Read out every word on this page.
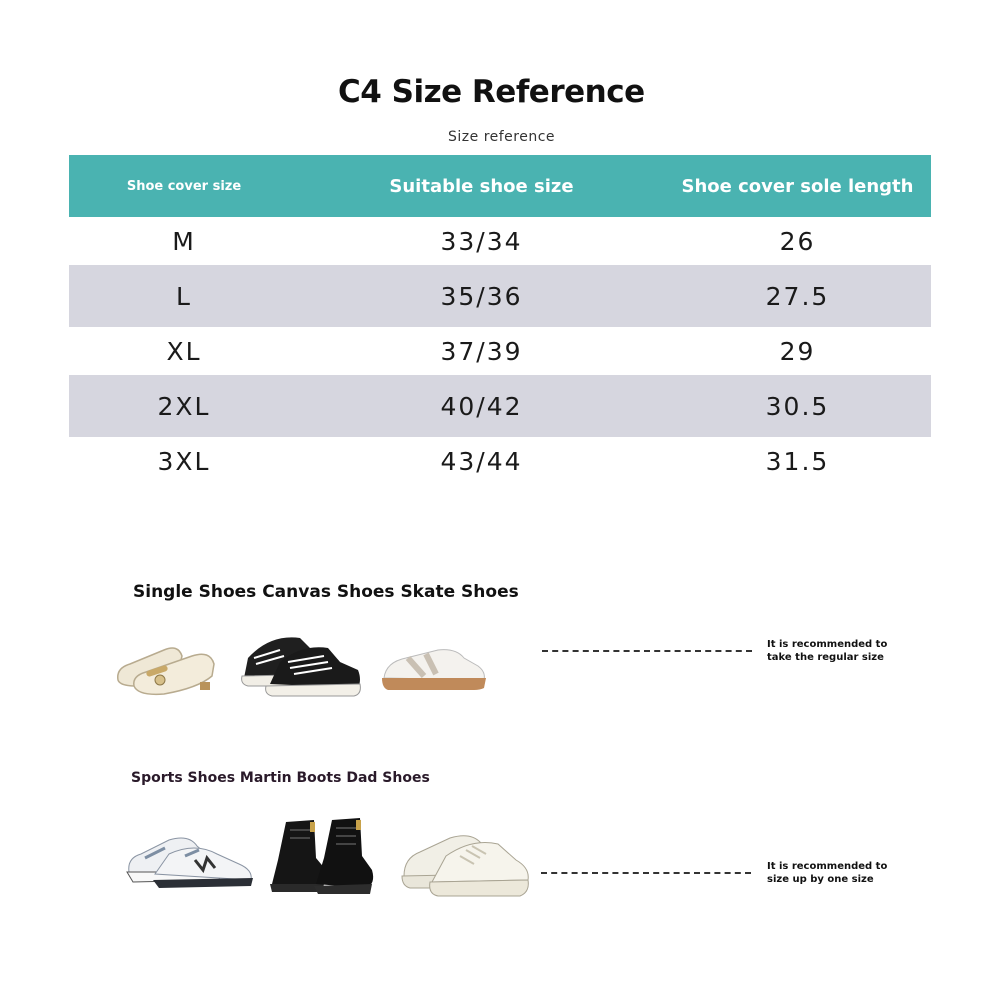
C4 Size Reference
Size reference
Shoe cover size	Suitable shoe size	Shoe cover sole length
M	33/34	26
L	35/36	27.5
XL	37/39	29
2XL	40/42	30.5
3XL	43/44	31.5
Single Shoes Canvas Shoes Skate Shoes
It is recommended to
take the regular size
Sports Shoes Martin Boots Dad Shoes
It is recommended to
size up by one size
